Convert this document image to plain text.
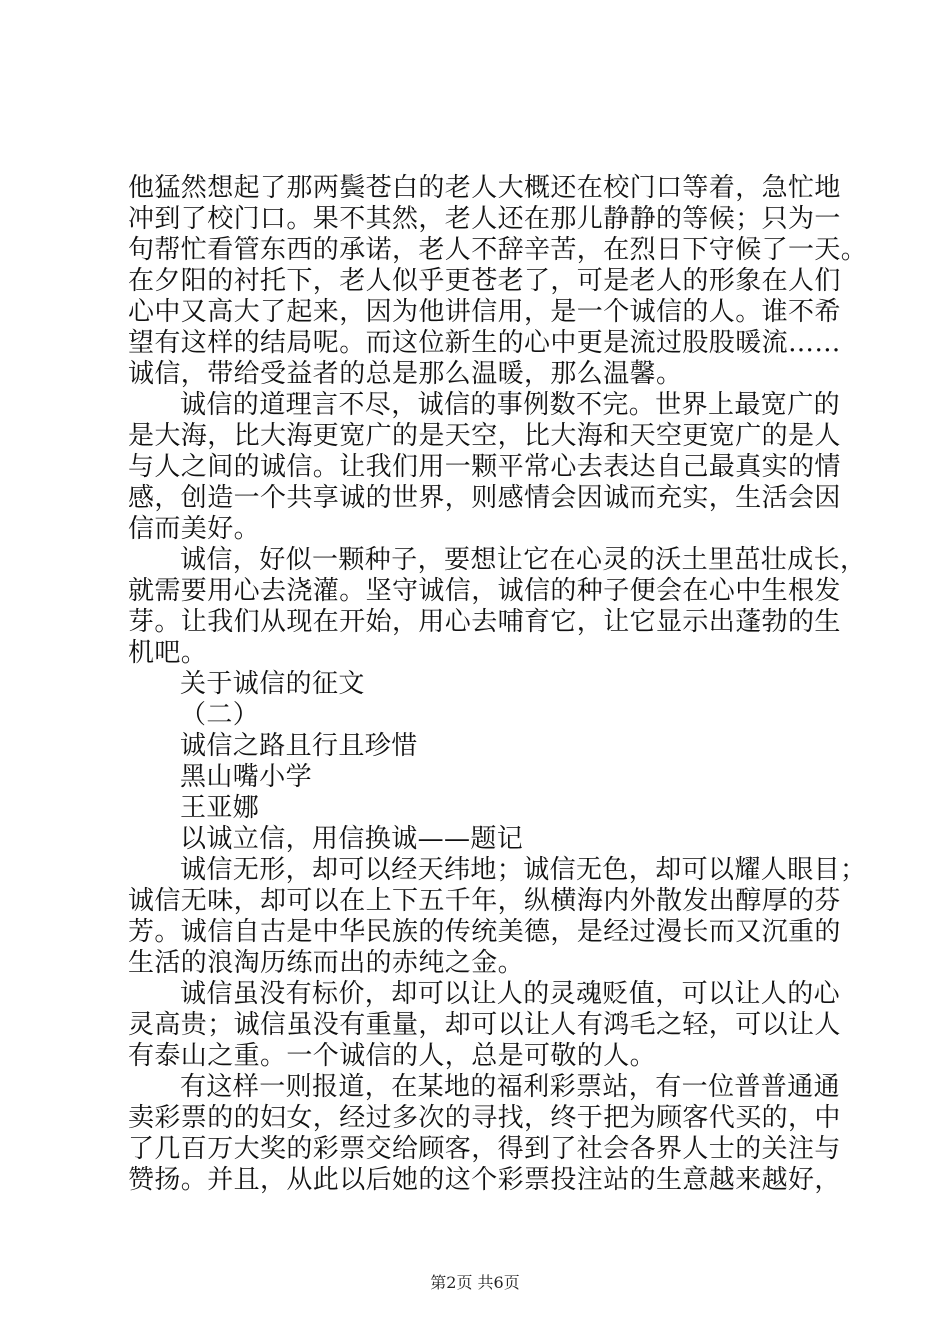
他猛然想起了那两鬓苍白的老人大概还在校门口等着，急忙地
冲到了校门口。果不其然，老人还在那儿静静的等候；只为一
句帮忙看管东西的承诺，老人不辞辛苦，在烈日下守候了一天。
在夕阳的衬托下，老人似乎更苍老了，可是老人的形象在人们
心中又高大了起来，因为他讲信用，是一个诚信的人。谁不希
望有这样的结局呢。而这位新生的心中更是流过股股暖流……
诚信，带给受益者的总是那么温暖，那么温馨。
诚信的道理言不尽，诚信的事例数不完。世界上最宽广的
是大海，比大海更宽广的是天空，比大海和天空更宽广的是人
与人之间的诚信。让我们用一颗平常心去表达自己最真实的情
感，创造一个共享诚的世界，则感情会因诚而充实，生活会因
信而美好。
诚信，好似一颗种子，要想让它在心灵的沃土里茁壮成长，
就需要用心去浇灌。坚守诚信，诚信的种子便会在心中生根发
芽。让我们从现在开始，用心去哺育它，让它显示出蓬勃的生
机吧。
关于诚信的征文
（二）
诚信之路且行且珍惜
黑山嘴小学
王亚娜
以诚立信，用信换诚——题记
诚信无形，却可以经天纬地；诚信无色，却可以耀人眼目；
诚信无味，却可以在上下五千年，纵横海内外散发出醇厚的芬
芳。诚信自古是中华民族的传统美德，是经过漫长而又沉重的
生活的浪淘历练而出的赤纯之金。
诚信虽没有标价，却可以让人的灵魂贬值，可以让人的心
灵高贵；诚信虽没有重量，却可以让人有鸿毛之轻，可以让人
有泰山之重。一个诚信的人，总是可敬的人。
有这样一则报道，在某地的福利彩票站，有一位普普通通
卖彩票的的妇女，经过多次的寻找，终于把为顾客代买的，中
了几百万大奖的彩票交给顾客，得到了社会各界人士的关注与
赞扬。并且，从此以后她的这个彩票投注站的生意越来越好，
第2页 共6页
